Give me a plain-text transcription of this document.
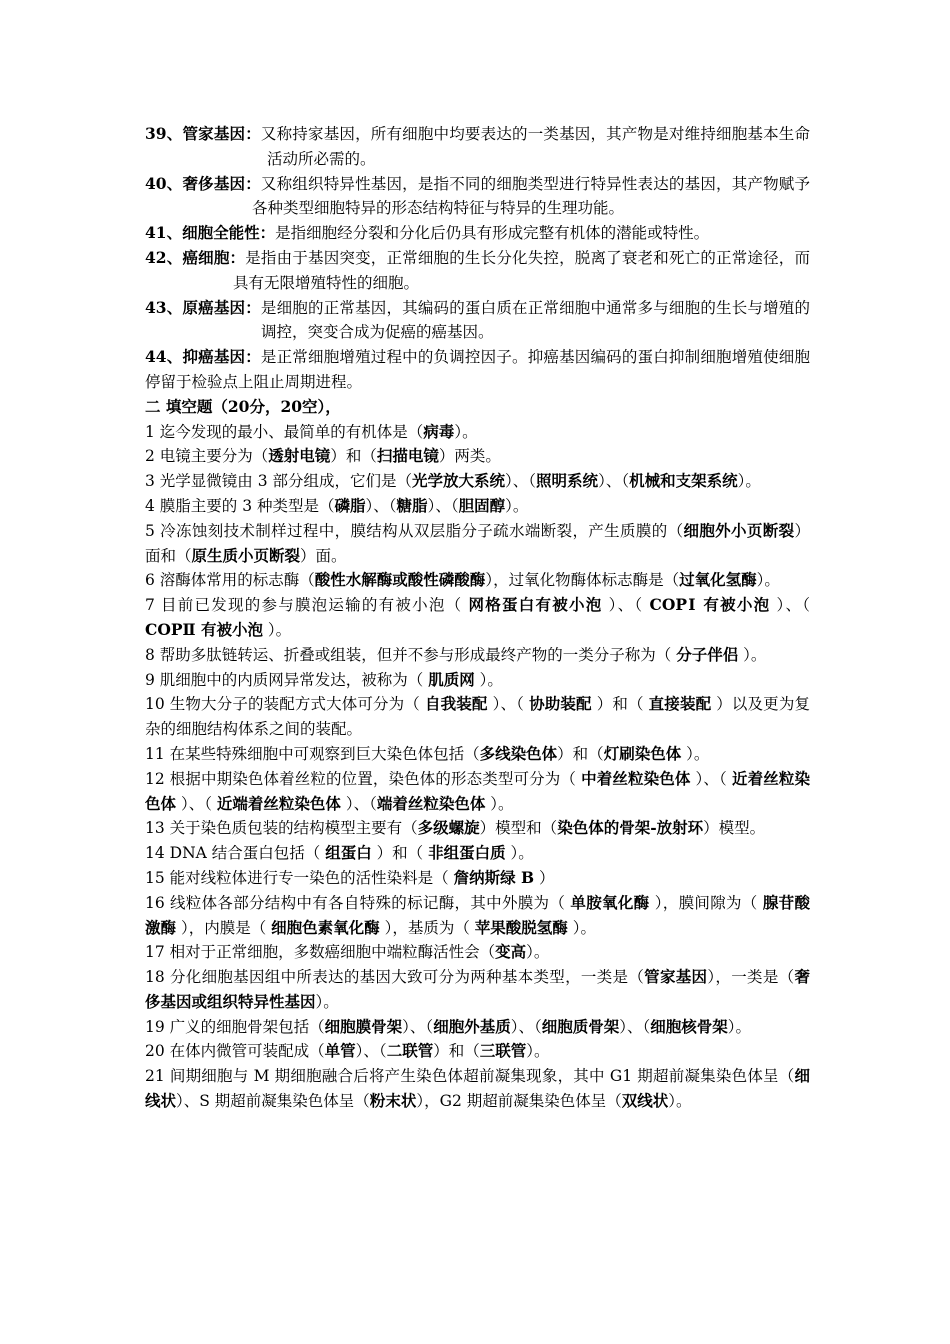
39、管家基因：又称持家基因，所有细胞中均要表达的一类基因，其产物是对维持细胞基本生命活动所必需的。

40、奢侈基因：又称组织特异性基因，是指不同的细胞类型进行特异性表达的基因，其产物赋予各种类型细胞特异的形态结构特征与特异的生理功能。

41、细胞全能性：是指细胞经分裂和分化后仍具有形成完整有机体的潜能或特性。

42、癌细胞：是指由于基因突变，正常细胞的生长分化失控，脱离了衰老和死亡的正常途径，而具有无限增殖特性的细胞。

43、原癌基因：是细胞的正常基因，其编码的蛋白质在正常细胞中通常多与细胞的生长与增殖的调控，突变合成为促癌的癌基因。

44、抑癌基因：是正常细胞增殖过程中的负调控因子。抑癌基因编码的蛋白抑制细胞增殖使细胞停留于检验点上阻止周期进程。

二 填空题（20分，20空），

1 迄今发现的最小、最简单的有机体是（病毒）。

2 电镜主要分为（透射电镜）和（扫描电镜）两类。

3 光学显微镜由 3 部分组成，它们是（光学放大系统）、（照明系统）、（机械和支架系统）。

4 膜脂主要的 3 种类型是（磷脂）、（糖脂）、（胆固醇）。

5 冷冻蚀刻技术制样过程中，膜结构从双层脂分子疏水端断裂，产生质膜的（细胞外小页断裂）面和（原生质小页断裂）面。

6 溶酶体常用的标志酶（酸性水解酶或酸性磷酸酶），过氧化物酶体标志酶是（过氧化氢酶）。

7 目前已发现的参与膜泡运输的有被小泡（ 网格蛋白有被小泡 ）、（ COPⅠ 有被小泡 ）、（ COPⅡ 有被小泡 ）。

8 帮助多肽链转运、折叠或组装，但并不参与形成最终产物的一类分子称为（ 分子伴侣 ）。

9 肌细胞中的内质网异常发达，被称为（ 肌质网 ）。

10 生物大分子的装配方式大体可分为（ 自我装配 ）、（ 协助装配 ）和（ 直接装配 ）以及更为复杂的细胞结构体系之间的装配。

11 在某些特殊细胞中可观察到巨大染色体包括（多线染色体）和（灯刷染色体 ）。

12 根据中期染色体着丝粒的位置，染色体的形态类型可分为（ 中着丝粒染色体 ）、（ 近着丝粒染色体 ）、（ 近端着丝粒染色体 ）、（端着丝粒染色体 ）。

13 关于染色质包装的结构模型主要有（多级螺旋）模型和（染色体的骨架-放射环）模型。

14 DNA 结合蛋白包括（ 组蛋白 ）和（ 非组蛋白质 ）。

15 能对线粒体进行专一染色的活性染料是（ 詹纳斯绿 B ）

16 线粒体各部分结构中有各自特殊的标记酶，其中外膜为（ 单胺氧化酶 ），膜间隙为（ 腺苷酸激酶 ），内膜是（ 细胞色素氧化酶 ），基质为（ 苹果酸脱氢酶 ）。

17 相对于正常细胞，多数癌细胞中端粒酶活性会（变高）。

18 分化细胞基因组中所表达的基因大致可分为两种基本类型，一类是（管家基因），一类是（奢侈基因或组织特异性基因）。

19 广义的细胞骨架包括（细胞膜骨架）、（细胞外基质）、（细胞质骨架）、（细胞核骨架）。

20 在体内微管可装配成（单管）、（二联管）和（三联管）。

21 间期细胞与 M 期细胞融合后将产生染色体超前凝集现象，其中 G1 期超前凝集染色体呈（细线状）、S 期超前凝集染色体呈（粉末状），G2 期超前凝集染色体呈（双线状）。
